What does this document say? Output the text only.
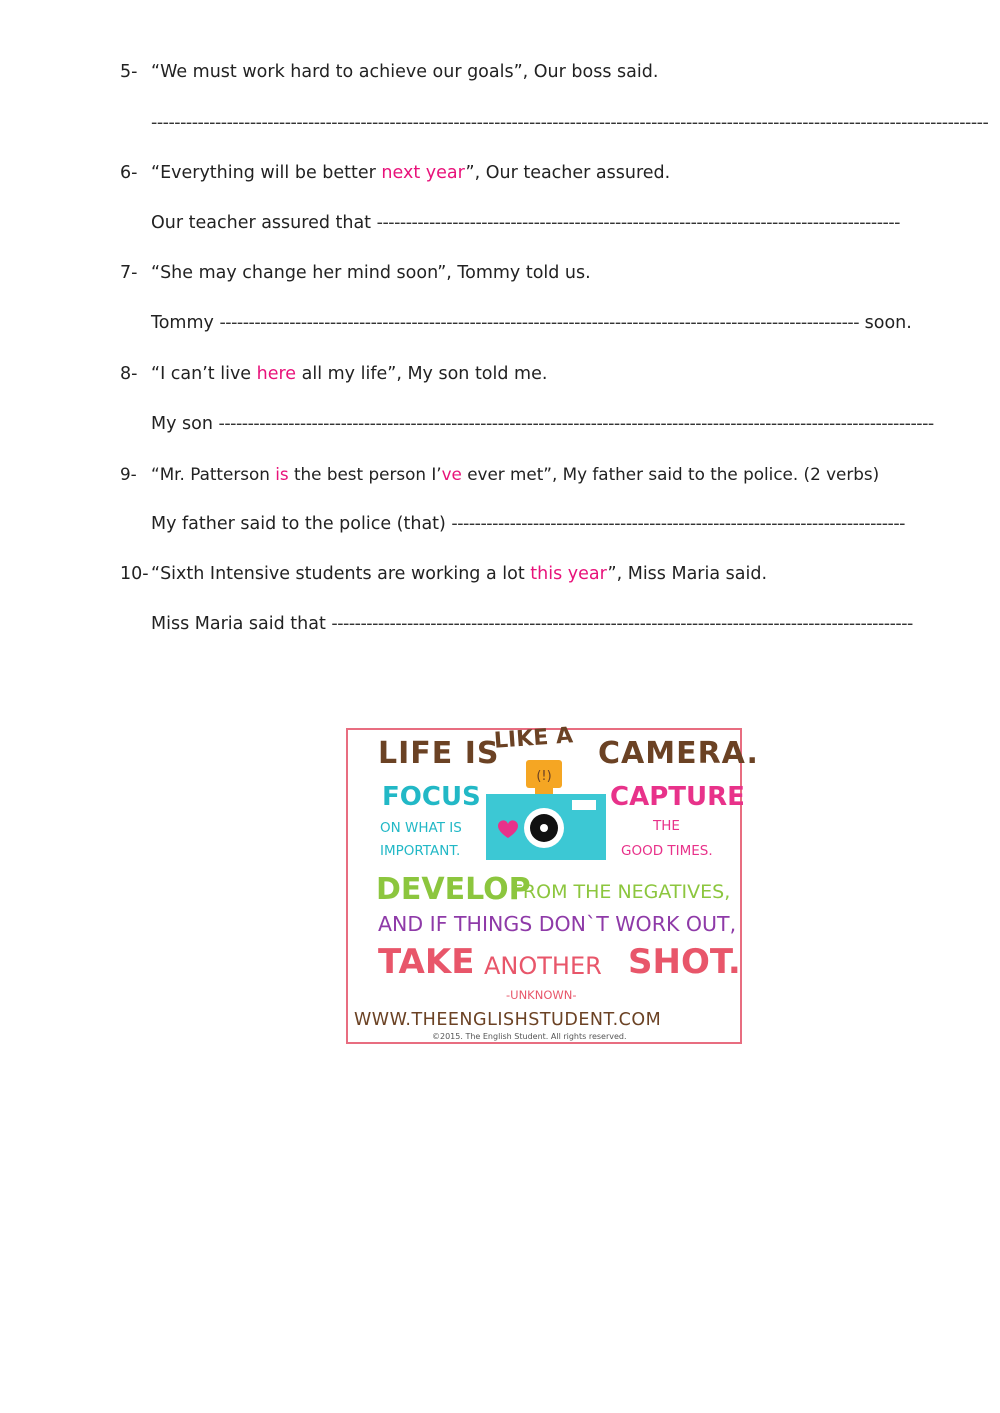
5- “We must work hard to achieve our goals”, Our boss said.
------------------------------------------------------------------------------------------------------------------------------------------------
6- “Everything will be better next year”, Our teacher assured.
Our teacher assured that ------------------------------------------------------------------------------------------
7- “She may change her mind soon”, Tommy told us.
Tommy -------------------------------------------------------------------------------------------------------------- soon.
8- “I can’t live here all my life”, My son told me.
My son ---------------------------------------------------------------------------------------------------------------------------
9- “Mr. Patterson is the best person I’ve ever met”, My father said to the police. (2 verbs)
My father said to the police (that) ------------------------------------------------------------------------------
10- “Sixth Intensive students are working a lot this year”, Miss Maria said.
Miss Maria said that ----------------------------------------------------------------------------------------------------
LIFE IS
LIKE A CAMERA.
FOCUS
ON WHAT IS
IMPORTANT.
(!)
CAPTURE
THE
GOOD TIMES.
DEVELOP
FROM THE NEGATIVES,
AND IF THINGS DON`T WORK OUT,
TAKE ANOTHER SHOT.
-UNKNOWN-
WWW.THEENGLISHSTUDENT.COM
©2015. The English Student. All rights reserved.
